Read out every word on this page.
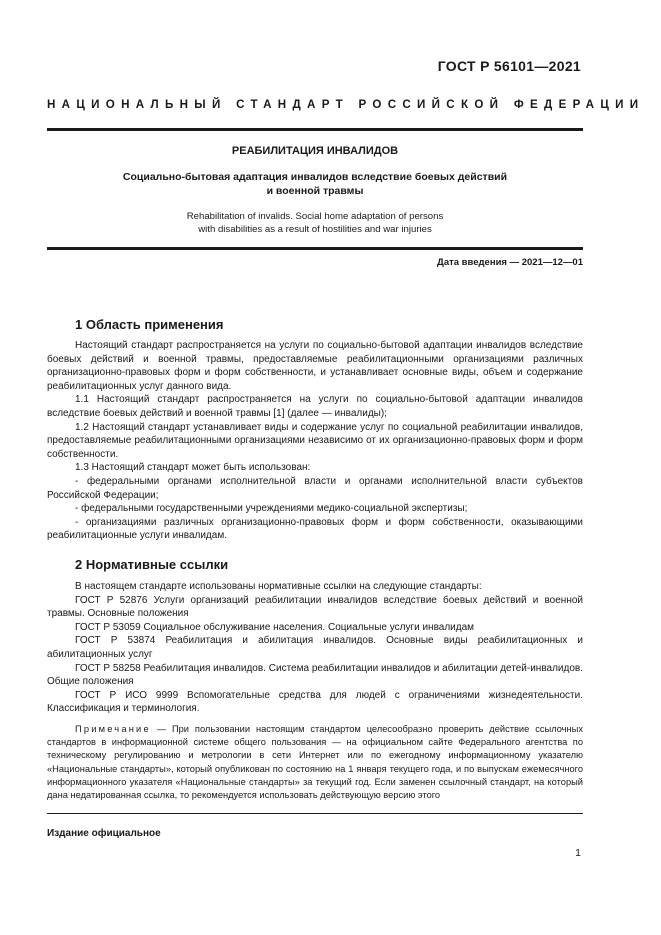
ГОСТ Р 56101—2021
НАЦИОНАЛЬНЫЙ СТАНДАРТ РОССИЙСКОЙ ФЕДЕРАЦИИ
РЕАБИЛИТАЦИЯ ИНВАЛИДОВ
Социально-бытовая адаптация инвалидов вследствие боевых действий
и военной травмы
Rehabilitation of invalids. Social home adaptation of persons
with disabilities as a result of hostilities and war injuries
Дата введения — 2021—12—01
1 Область применения

Настоящий стандарт распространяется на услуги по социально-бытовой адаптации инвалидов вследствие боевых действий и военной травмы, предоставляемые реабилитационными организациями различных организационно-правовых форм и форм собственности, и устанавливает основные виды, объем и содержание реабилитационных услуг данного вида.

1.1 Настоящий стандарт распространяется на услуги по социально-бытовой адаптации инвалидов вследствие боевых действий и военной травмы [1] (далее — инвалиды);

1.2 Настоящий стандарт устанавливает виды и содержание услуг по социальной реабилитации инвалидов, предоставляемые реабилитационными организациями независимо от их организационно-правовых форм и форм собственности.

1.3 Настоящий стандарт может быть использован:

- федеральными органами исполнительной власти и органами исполнительной власти субъектов Российской Федерации;

- федеральными государственными учреждениями медико-социальной экспертизы;

- организациями различных организационно-правовых форм и форм собственности, оказывающими реабилитационные услуги инвалидам.

2 Нормативные ссылки

В настоящем стандарте использованы нормативные ссылки на следующие стандарты:

ГОСТ Р 52876 Услуги организаций реабилитации инвалидов вследствие боевых действий и военной травмы. Основные положения

ГОСТ Р 53059 Социальное обслуживание населения. Социальные услуги инвалидам

ГОСТ Р 53874 Реабилитация и абилитация инвалидов. Основные виды реабилитационных и абилитационных услуг

ГОСТ Р 58258 Реабилитация инвалидов. Система реабилитации инвалидов и абилитации детей-инвалидов. Общие положения

ГОСТ Р ИСО 9999 Вспомогательные средства для людей с ограничениями жизнедеятельности. Классификация и терминология.

Примечание — При пользовании настоящим стандартом целесообразно проверить действие ссылочных стандартов в информационной системе общего пользования — на официальном сайте Федерального агентства по техническому регулированию и метрологии в сети Интернет или по ежегодному информационному указателю «Национальные стандарты», который опубликован по состоянию на 1 января текущего года, и по выпускам ежемесячного информационного указателя «Национальные стандарты» за текущий год. Если заменен ссылочный стандарт, на который дана недатированная ссылка, то рекомендуется использовать действующую версию этого

Издание официальное
1
